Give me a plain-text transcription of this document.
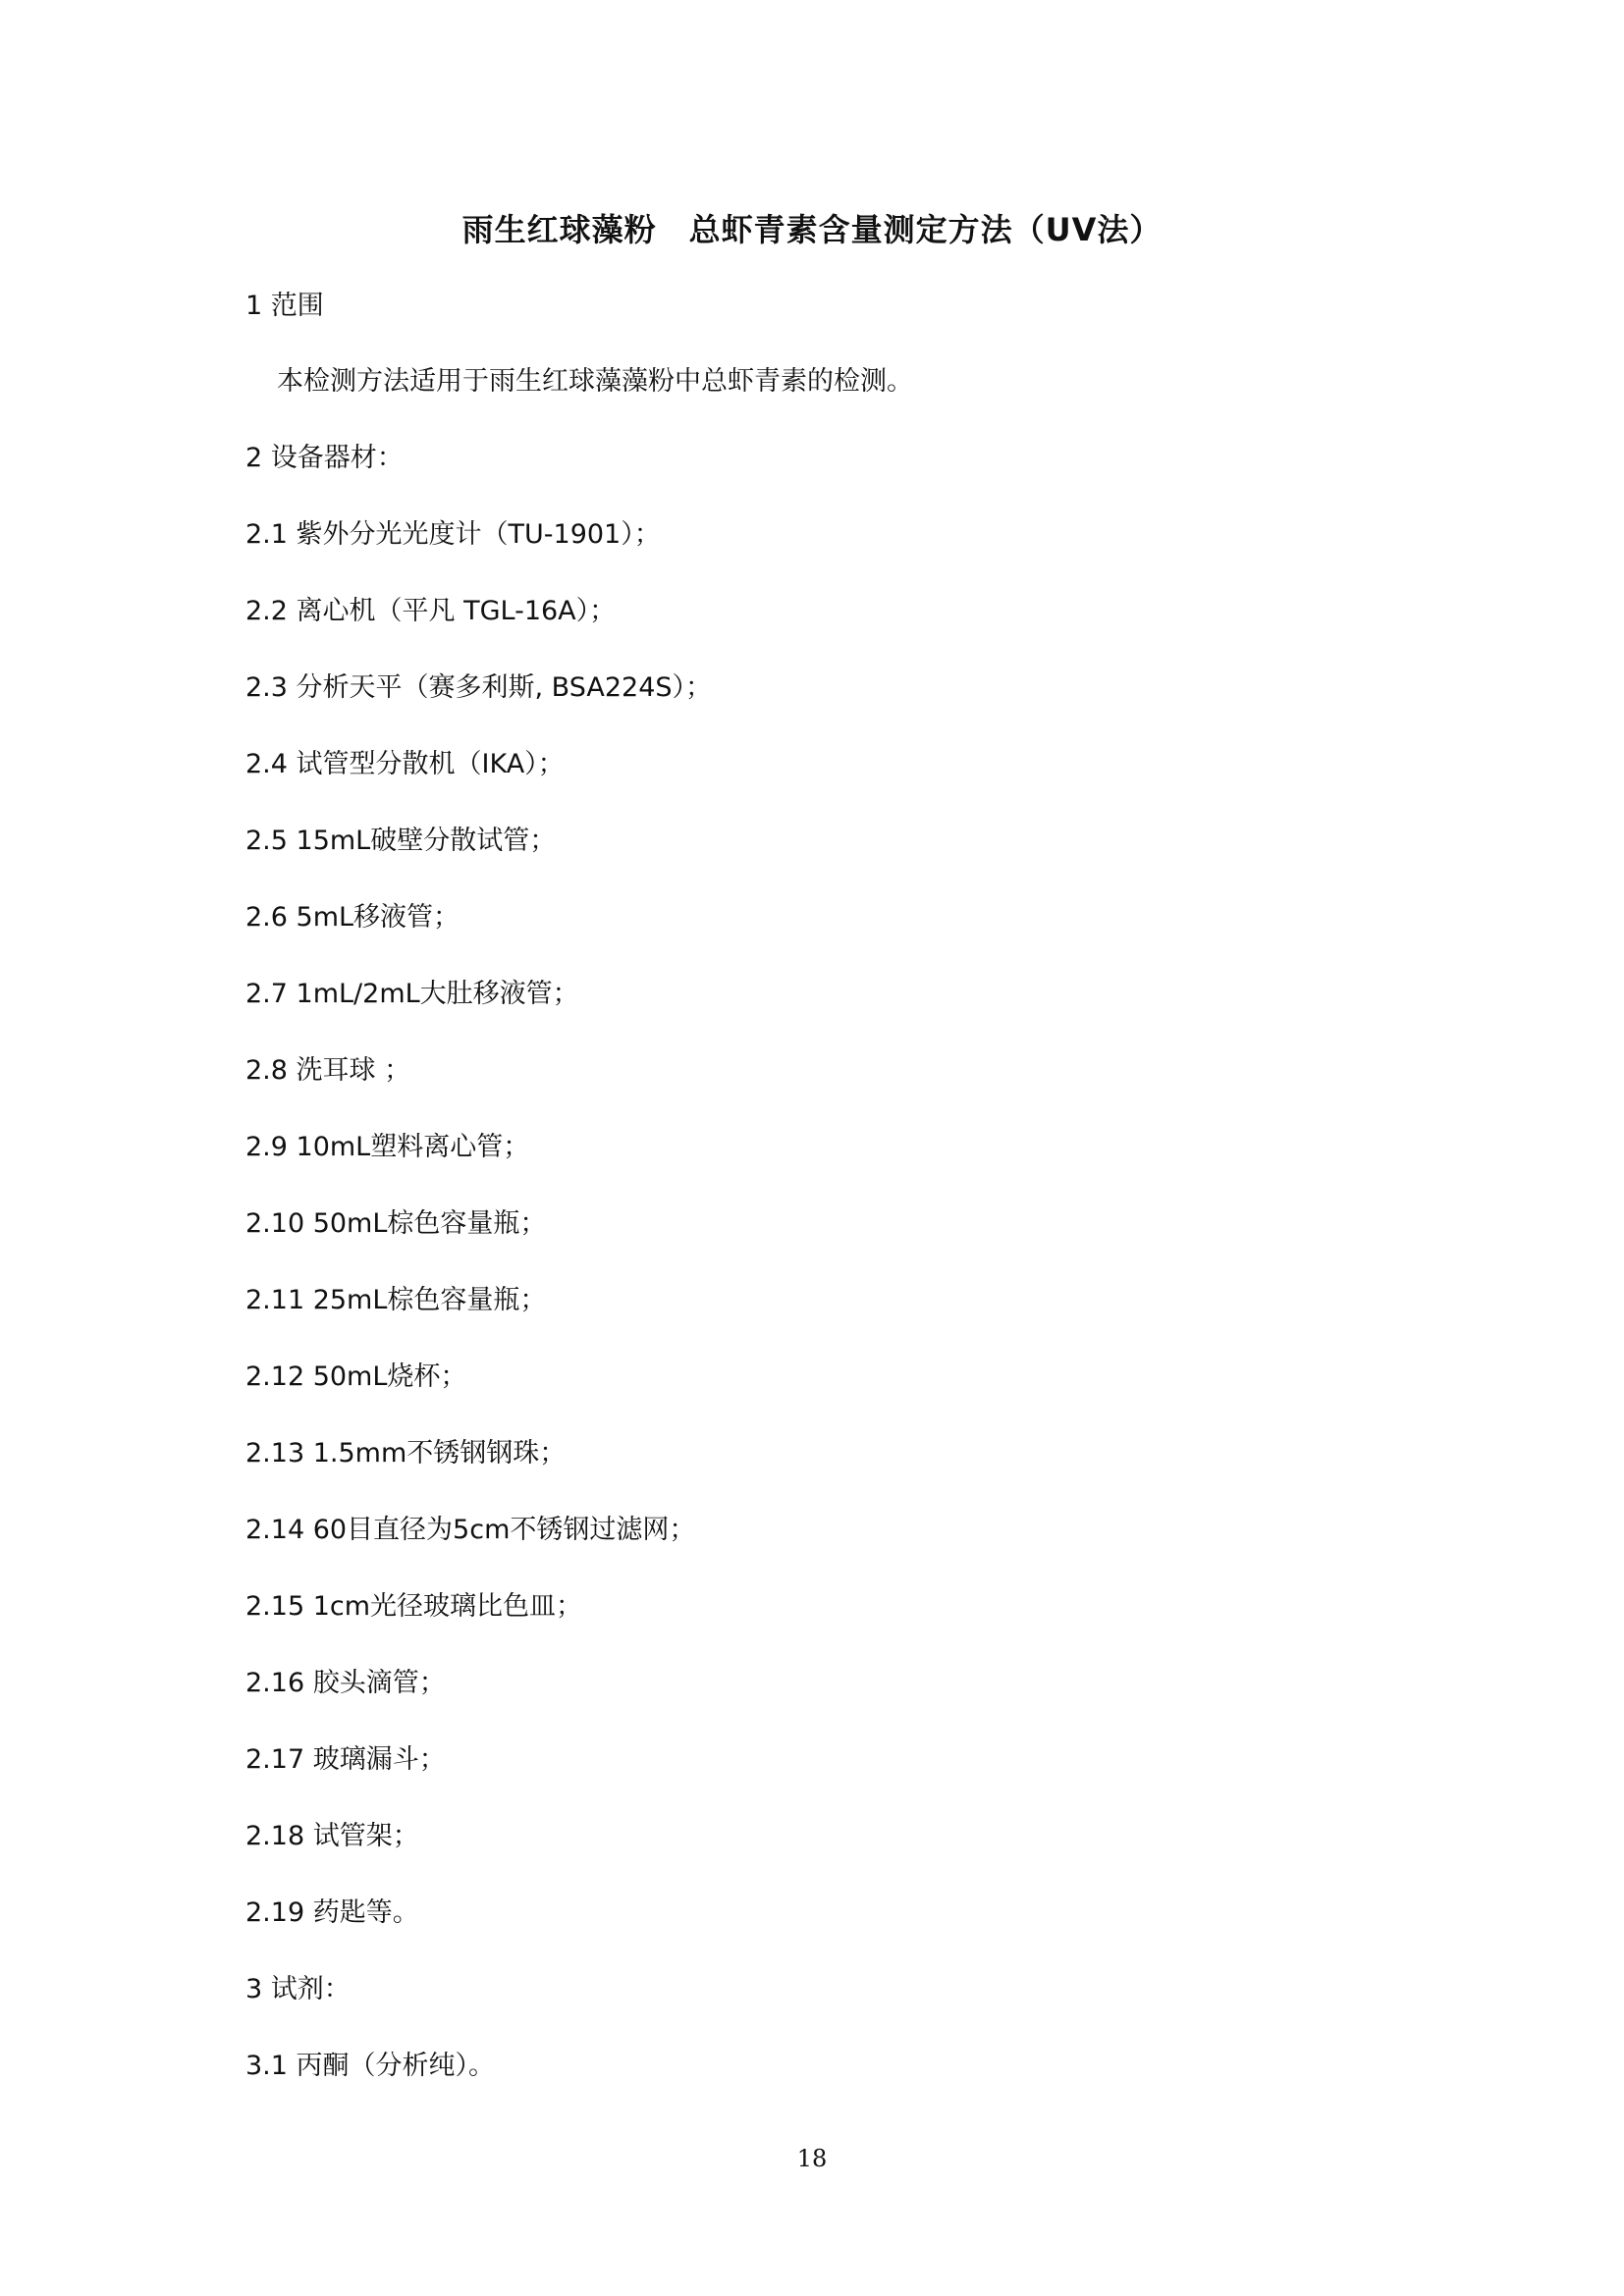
雨生红球藻粉　总虾青素含量测定方法（UV法）
1 范围
本检测方法适用于雨生红球藻藻粉中总虾青素的检测。
2 设备器材：
2.1 紫外分光光度计（TU-1901）；
2.2 离心机（平凡 TGL-16A）；
2.3 分析天平（赛多利斯, BSA224S）；
2.4 试管型分散机（IKA）；
2.5 15mL破壁分散试管；
2.6 5mL移液管；
2.7 1mL/2mL大肚移液管；
2.8 洗耳球 ；
2.9 10mL塑料离心管；
2.10 50mL棕色容量瓶；
2.11 25mL棕色容量瓶；
2.12 50mL烧杯；
2.13 1.5mm不锈钢钢珠；
2.14 60目直径为5cm不锈钢过滤网；
2.15 1cm光径玻璃比色皿；
2.16 胶头滴管；
2.17 玻璃漏斗；
2.18 试管架；
2.19 药匙等。
3 试剂：
3.1 丙酮（分析纯）。
18
